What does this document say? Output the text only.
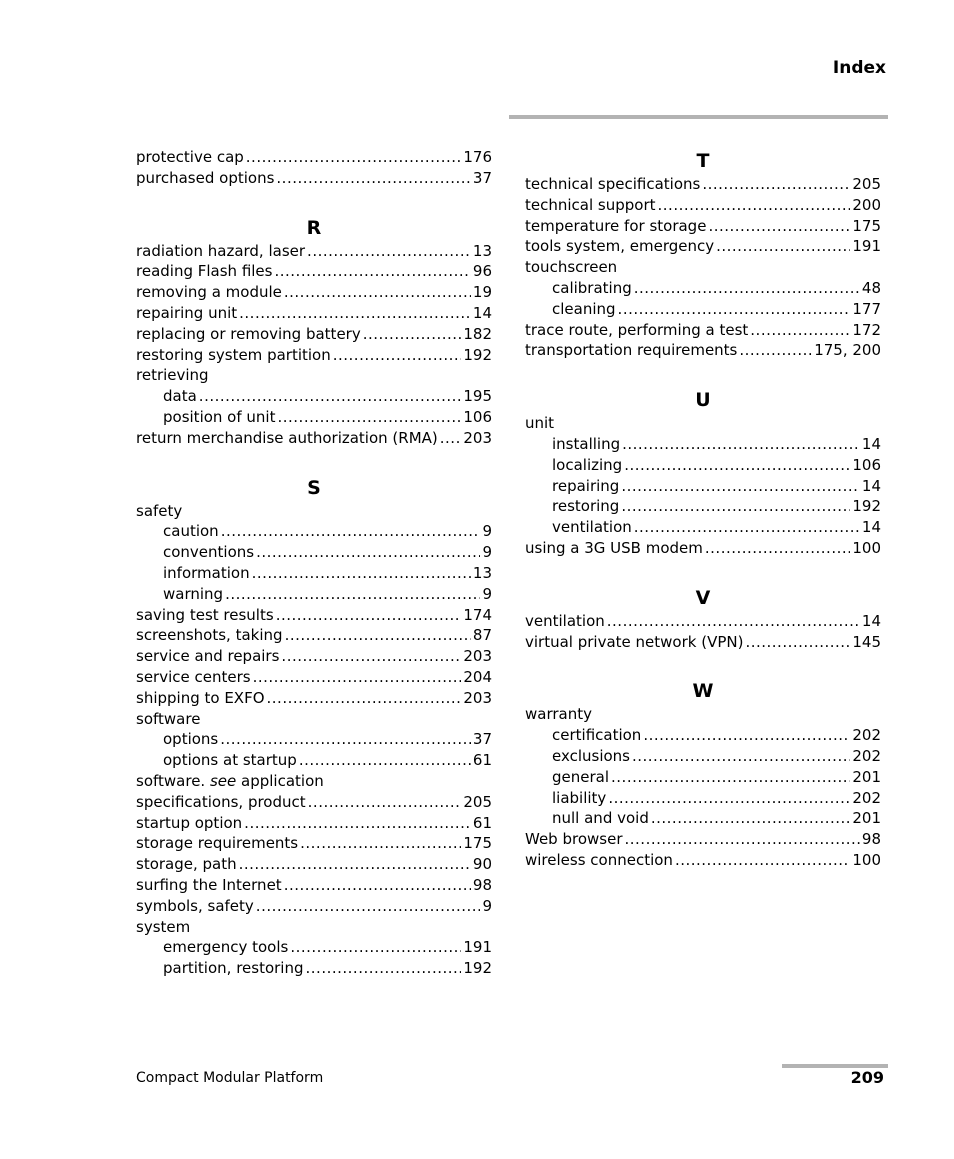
Index
protective cap .....	176
purchased options .....	37
R
radiation hazard, laser .....	13
reading Flash files .....	96
removing a module .....	19
repairing unit .....	14
replacing or removing battery .....	182
restoring system partition .....	192
retrieving
data .....	195
position of unit .....	106
return merchandise authorization (RMA) ..... 203
S
safety
caution .....	9
conventions .....	9
information .....	13
warning .....	9
saving test results .....	174
screenshots, taking .....	87
service and repairs .....	203
service centers .....	204
shipping to EXFO .....	203
software
options .....	37
options at startup .....	61
software. see application
specifications, product .....	205
startup option .....	61
storage requirements .....	175
storage, path .....	90
surfing the Internet .....	98
symbols, safety .....	9
system
emergency tools .....	191
partition, restoring .....	192
T
technical specifications .....	205
technical support .....	200
temperature for storage .....	175
tools system, emergency .....	191
touchscreen
calibrating .....	48
cleaning .....	177
trace route, performing a test .....	172
transportation requirements .....	175, 200
U
unit
installing .....	14
localizing .....	106
repairing .....	14
restoring .....	192
ventilation .....	14
using a 3G USB modem .....	100
V
ventilation .....	14
virtual private network (VPN) .....	145
W
warranty
certification .....	202
exclusions .....	202
general .....	201
liability .....	202
null and void .....	201
Web browser .....	98
wireless connection .....	100
Compact Modular Platform	209
